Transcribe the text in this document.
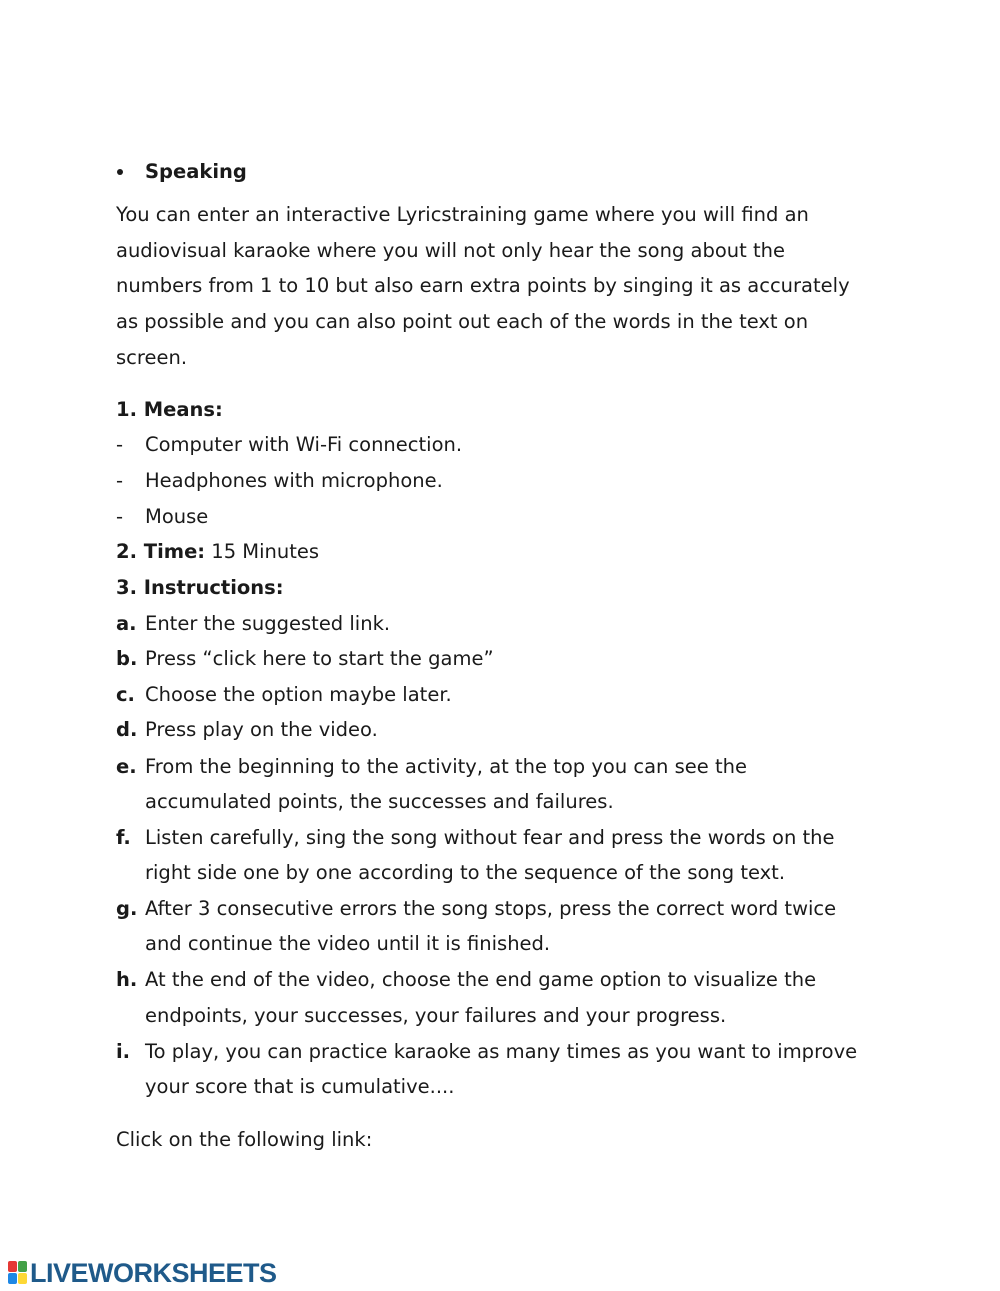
Speaking
You can enter an interactive Lyricstraining game where you will find an
audiovisual karaoke where you will not only hear the song about the
numbers from 1 to 10 but also earn extra points by singing it as accurately
as possible and you can also point out each of the words in the text on
screen.
1. Means:
- Computer with Wi-Fi connection.
- Headphones with microphone.
- Mouse
2. Time: 15 Minutes
3. Instructions:
a. Enter the suggested link.
b. Press “click here to start the game”
c. Choose the option maybe later.
d. Press play on the video.
e. From the beginning to the activity, at the top you can see the
accumulated points, the successes and failures.
f. Listen carefully, sing the song without fear and press the words on the
right side one by one according to the sequence of the song text.
g. After 3 consecutive errors the song stops, press the correct word twice
and continue the video until it is finished.
h. At the end of the video, choose the end game option to visualize the
endpoints, your successes, your failures and your progress.
i. To play, you can practice karaoke as many times as you want to improve
your score that is cumulative....
Click on the following link:
LIVEWORKSHEETS
